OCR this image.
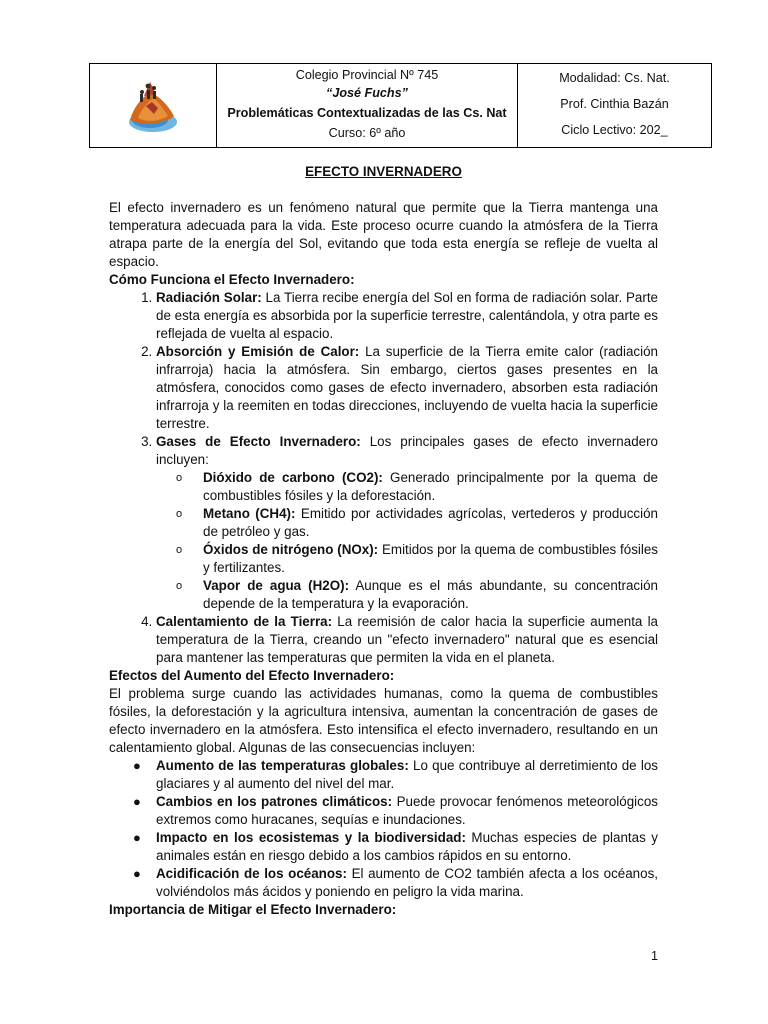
Colegio Provincial Nº 745
“José Fuchs”
Problemáticas Contextualizadas de las Cs. Nat
Curso: 6º año

Modalidad: Cs. Nat.
Prof. Cinthia Bazán
Ciclo Lectivo: 202_
EFECTO INVERNADERO

El efecto invernadero es un fenómeno natural que permite que la Tierra mantenga una temperatura adecuada para la vida. Este proceso ocurre cuando la atmósfera de la Tierra atrapa parte de la energía del Sol, evitando que toda esta energía se refleje de vuelta al espacio.

Cómo Funciona el Efecto Invernadero:
1. Radiación Solar: La Tierra recibe energía del Sol en forma de radiación solar. Parte de esta energía es absorbida por la superficie terrestre, calentándola, y otra parte es reflejada de vuelta al espacio.
2. Absorción y Emisión de Calor: La superficie de la Tierra emite calor (radiación infrarroja) hacia la atmósfera. Sin embargo, ciertos gases presentes en la atmósfera, conocidos como gases de efecto invernadero, absorben esta radiación infrarroja y la reemiten en todas direcciones, incluyendo de vuelta hacia la superficie terrestre.
3. Gases de Efecto Invernadero: Los principales gases de efecto invernadero incluyen:
o Dióxido de carbono (CO2): Generado principalmente por la quema de combustibles fósiles y la deforestación.
o Metano (CH4): Emitido por actividades agrícolas, vertederos y producción de petróleo y gas.
o Óxidos de nitrógeno (NOx): Emitidos por la quema de combustibles fósiles y fertilizantes.
o Vapor de agua (H2O): Aunque es el más abundante, su concentración depende de la temperatura y la evaporación.
4. Calentamiento de la Tierra: La reemisión de calor hacia la superficie aumenta la temperatura de la Tierra, creando un "efecto invernadero" natural que es esencial para mantener las temperaturas que permiten la vida en el planeta.
Efectos del Aumento del Efecto Invernadero:

El problema surge cuando las actividades humanas, como la quema de combustibles fósiles, la deforestación y la agricultura intensiva, aumentan la concentración de gases de efecto invernadero en la atmósfera. Esto intensifica el efecto invernadero, resultando en un calentamiento global. Algunas de las consecuencias incluyen:

● Aumento de las temperaturas globales: Lo que contribuye al derretimiento de los glaciares y al aumento del nivel del mar.
● Cambios en los patrones climáticos: Puede provocar fenómenos meteorológicos extremos como huracanes, sequías e inundaciones.
● Impacto en los ecosistemas y la biodiversidad: Muchas especies de plantas y animales están en riesgo debido a los cambios rápidos en su entorno.
● Acidificación de los océanos: El aumento de CO2 también afecta a los océanos, volviéndolos más ácidos y poniendo en peligro la vida marina.
Importancia de Mitigar el Efecto Invernadero:
1
